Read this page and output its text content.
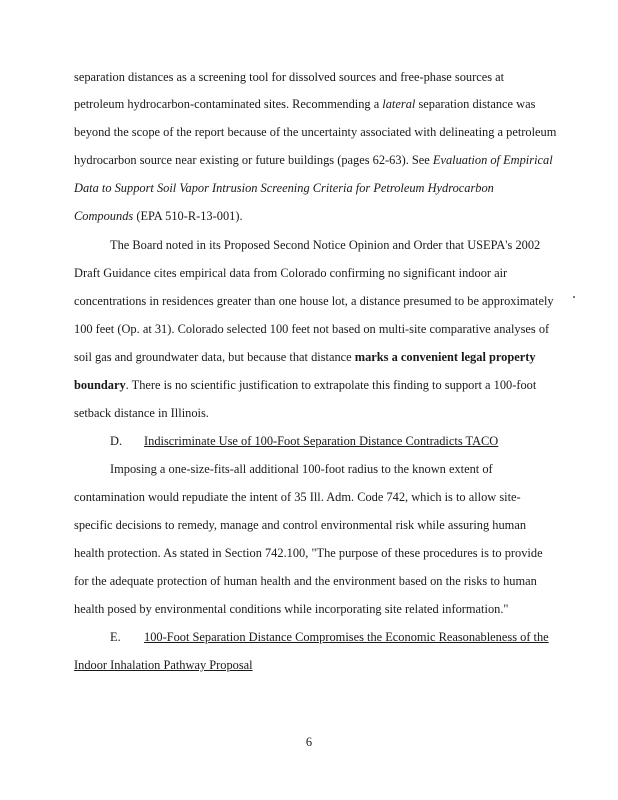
separation distances as a screening tool for dissolved sources and free-phase sources at
petroleum hydrocarbon-contaminated sites. Recommending a lateral separation distance was
beyond the scope of the report because of the uncertainty associated with delineating a petroleum
hydrocarbon source near existing or future buildings (pages 62-63). See Evaluation of Empirical
Data to Support Soil Vapor Intrusion Screening Criteria for Petroleum Hydrocarbon
Compounds (EPA 510-R-13-001).
The Board noted in its Proposed Second Notice Opinion and Order that USEPA's 2002
Draft Guidance cites empirical data from Colorado confirming no significant indoor air
concentrations in residences greater than one house lot, a distance presumed to be approximately
100 feet (Op. at 31). Colorado selected 100 feet not based on multi-site comparative analyses of
soil gas and groundwater data, but because that distance marks a convenient legal property
boundary. There is no scientific justification to extrapolate this finding to support a 100-foot
setback distance in Illinois.
D. Indiscriminate Use of 100-Foot Separation Distance Contradicts TACO
Imposing a one-size-fits-all additional 100-foot radius to the known extent of
contamination would repudiate the intent of 35 Ill. Adm. Code 742, which is to allow site-
specific decisions to remedy, manage and control environmental risk while assuring human
health protection. As stated in Section 742.100, "The purpose of these procedures is to provide
for the adequate protection of human health and the environment based on the risks to human
health posed by environmental conditions while incorporating site related information."
E. 100-Foot Separation Distance Compromises the Economic Reasonableness of the
Indoor Inhalation Pathway Proposal
6
